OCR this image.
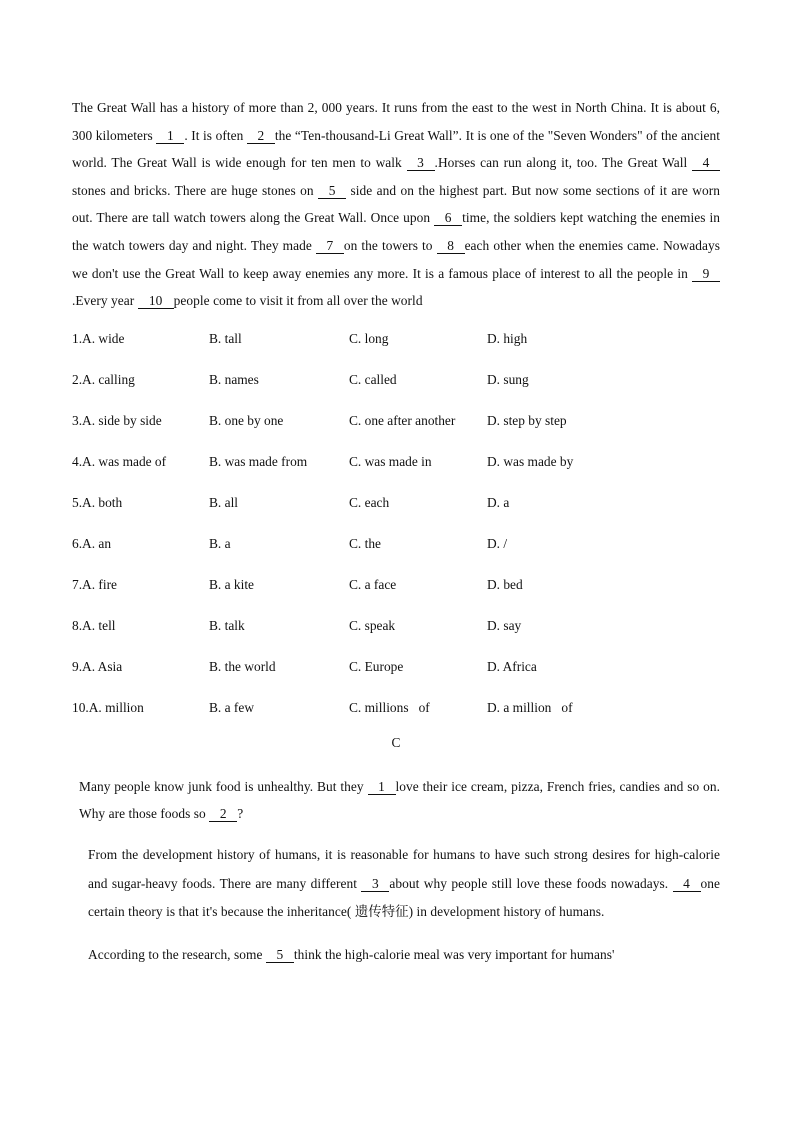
The Great Wall has a history of more than 2, 000 years. It runs from the east to the west in North China. It is about 6, 300 kilometers 1 . It is often 2 the “Ten-thousand-Li Great Wall”. It is one of the "Seven Wonders" of the ancient world. The Great Wall is wide enough for ten men to walk 3 .Horses can run along it, too. The Great Wall 4stones and bricks. There are huge stones on 5 side and on the highest part. But now some sections of it are worn out. There are tall watch towers along the Great Wall. Once upon 6 time, the soldiers kept watching the enemies in the watch towers day and night. They made 7 on the towers to 8 each other when the enemies came. Nowadays we don't use the Great Wall to keep away enemies any more. It is a famous place of interest to all the people in 9.Every year 10 people come to visit it from all over the world

1.A. wide	B. tall	C. long	D. high
2.A. calling	B. names	C. called	D. sung
3.A. side by side	B. one by one	C. one after another D. step by step
4.A. was made of	B. was made from	C. was made in	D. was made by
5.A. both	B. all	C. each	D. a
6.A. an	B. a	C. the	D. /
7.A. fire	B. a kite	C. a face	D. bed
8.A. tell	B. talk	C. speak	D. say
9.A. Asia	B. the world	C. Europe	D. Africa
10.A. million	B. a few	C. millions   of	D. a million   of
C

Many people know junk food is unhealthy. But they 1 love their ice cream, pizza, French fries, candies and so on. Why are those foods so 2 ?

From the development history of humans, it is reasonable for humans to have such strong desires for high-calorie and sugar-heavy foods. There are many different 3 about why people still love these foods nowadays. 4 one certain theory is that it's because the inheritance( 遗传特征) in development history of humans.

According to the research, some 5 think the high-calorie meal was very important for humans'
